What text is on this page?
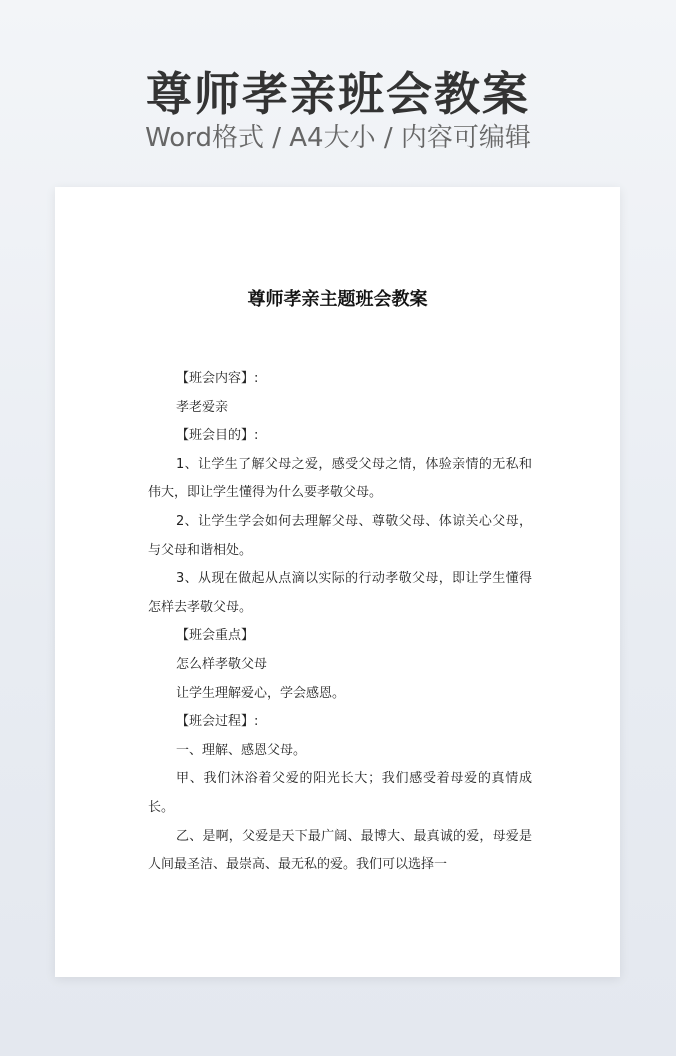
尊师孝亲班会教案
Word格式 / A4大小 / 内容可编辑
尊师孝亲主题班会教案

【班会内容】:

孝老爱亲

【班会目的】:

1、让学生了解父母之爱，感受父母之情，体验亲情的无私和伟大，即让学生懂得为什么要孝敬父母。

2、让学生学会如何去理解父母、尊敬父母、体谅关心父母，与父母和谐相处。

3、从现在做起从点滴以实际的行动孝敬父母，即让学生懂得怎样去孝敬父母。

【班会重点】

怎么样孝敬父母

让学生理解爱心，学会感恩。

【班会过程】:

一、理解、感恩父母。

甲、我们沐浴着父爱的阳光长大；我们感受着母爱的真情成长。

乙、是啊，父爱是天下最广阔、最博大、最真诚的爱，母爱是人间最圣洁、最崇高、最无私的爱。我们可以选择一
